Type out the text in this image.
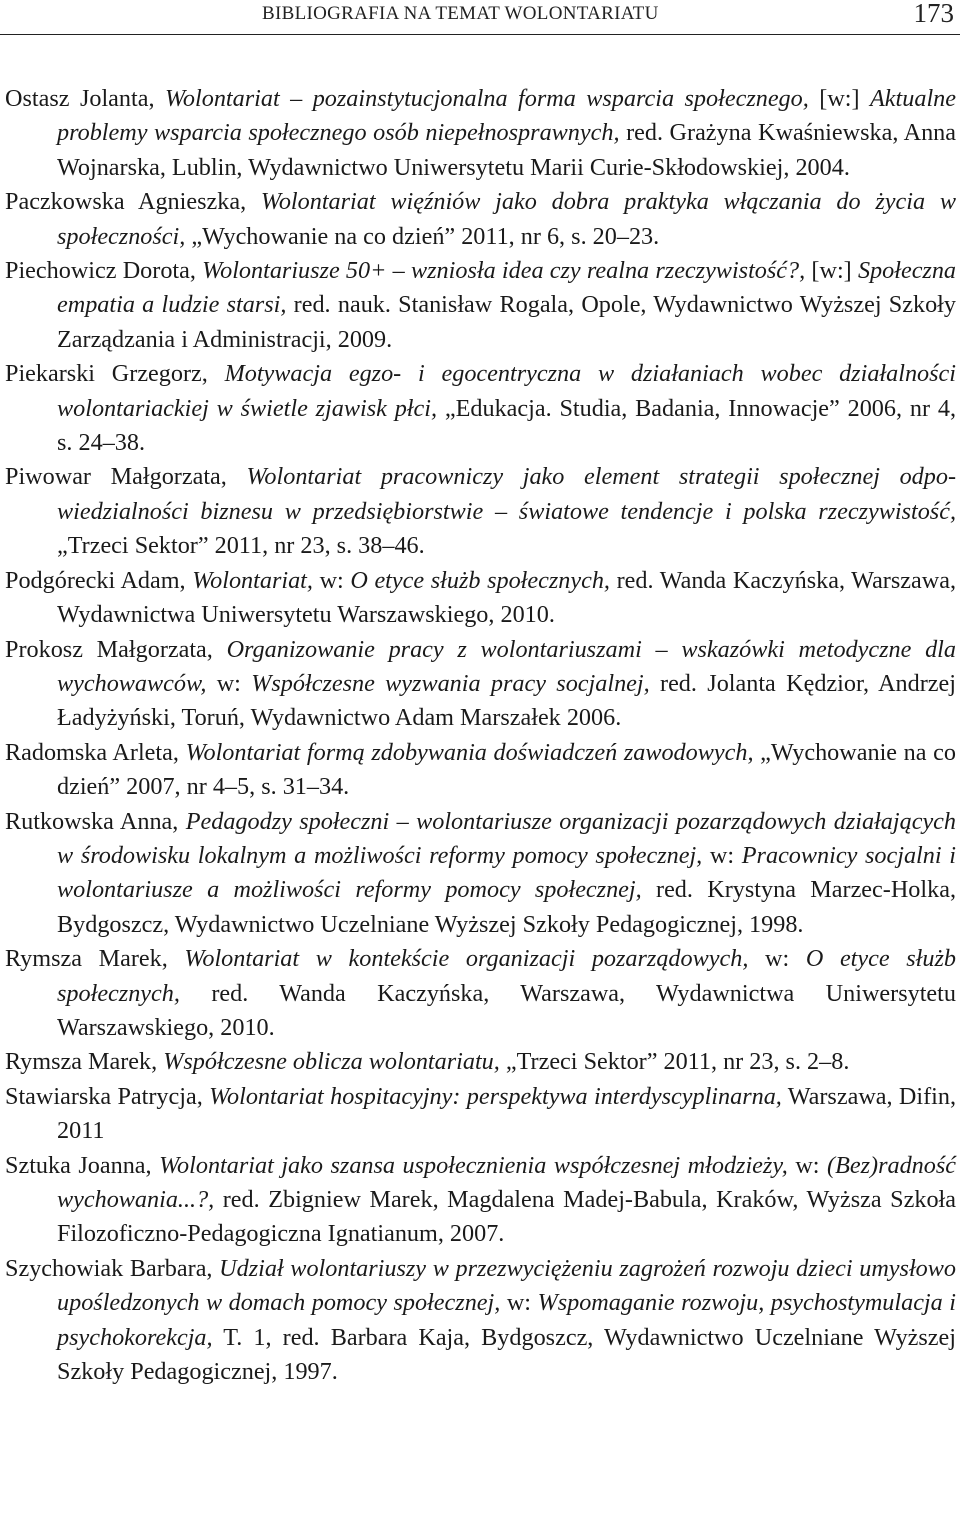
BIBLIOGRAFIA NA TEMAT WOLONTARIATU	173

Ostasz Jolanta, Wolontariat – pozainstytucjonalna forma wsparcia społecznego, [w:] Aktualne problemy wsparcia społecznego osób niepełnosprawnych, red. Grażyna Kwaśniewska, Anna Wojnarska, Lublin, Wydawnictwo Uniwersytetu Marii Curie-Skłodowskiej, 2004.

Paczkowska Agnieszka, Wolontariat więźniów jako dobra praktyka włączania do życia w społeczności, „Wychowanie na co dzień” 2011, nr 6, s. 20–23.

Piechowicz Dorota, Wolontariusze 50+ – wzniosła idea czy realna rzeczywistość?, [w:] Społeczna empatia a ludzie starsi, red. nauk. Stanisław Rogala, Opole, Wydawnictwo Wyższej Szkoły Zarządzania i Administracji, 2009.

Piekarski Grzegorz, Motywacja egzo- i egocentryczna w działaniach wobec działalności wolontariackiej w świetle zjawisk płci, „Edukacja. Studia, Badania, Innowacje” 2006, nr 4, s. 24–38.

Piwowar Małgorzata, Wolontariat pracowniczy jako element strategii społecznej odpowiedzialności biznesu w przedsiębiorstwie – światowe tendencje i polska rzeczywistość, „Trzeci Sektor” 2011, nr 23, s. 38–46.

Podgórecki Adam, Wolontariat, w: O etyce służb społecznych, red. Wanda Kaczyńska, Warszawa, Wydawnictwa Uniwersytetu Warszawskiego, 2010.

Prokosz Małgorzata, Organizowanie pracy z wolontariuszami – wskazówki metodyczne dla wychowawców, w: Współczesne wyzwania pracy socjalnej, red. Jolanta Kędzior, Andrzej Ładyżyński, Toruń, Wydawnictwo Adam Marszałek 2006.

Radomska Arleta, Wolontariat formą zdobywania doświadczeń zawodowych, „Wychowanie na co dzień” 2007, nr 4–5, s. 31–34.

Rutkowska Anna, Pedagodzy społeczni – wolontariusze organizacji pozarządowych działających w środowisku lokalnym a możliwości reformy pomocy społecznej, w: Pracownicy socjalni i wolontariusze a możliwości reformy pomocy społecznej, red. Krystyna Marzec-Holka, Bydgoszcz, Wydawnictwo Uczelniane Wyższej Szkoły Pedagogicznej, 1998.

Rymsza Marek, Wolontariat w kontekście organizacji pozarządowych, w: O etyce służb społecznych, red. Wanda Kaczyńska, Warszawa, Wydawnictwa Uniwersytetu Warszawskiego, 2010.

Rymsza Marek, Współczesne oblicza wolontariatu, „Trzeci Sektor” 2011, nr 23, s. 2–8.

Stawiarska Patrycja, Wolontariat hospitacyjny: perspektywa interdyscyplinarna, Warszawa, Difin, 2011

Sztuka Joanna, Wolontariat jako szansa uspołecznienia współczesnej młodzieży, w: (Bez)radność wychowania...?, red. Zbigniew Marek, Magdalena Madej-Babula, Kraków, Wyższa Szkoła Filozoficzno-Pedagogiczna Ignatianum, 2007.

Szychowiak Barbara, Udział wolontariuszy w przezwyciężeniu zagrożeń rozwoju dzieci umysłowo upośledzonych w domach pomocy społecznej, w: Wspomaganie rozwoju, psychostymulacja i psychokorekcja, T. 1, red. Barbara Kaja, Bydgoszcz, Wydawnictwo Uczelniane Wyższej Szkoły Pedagogicznej, 1997.
